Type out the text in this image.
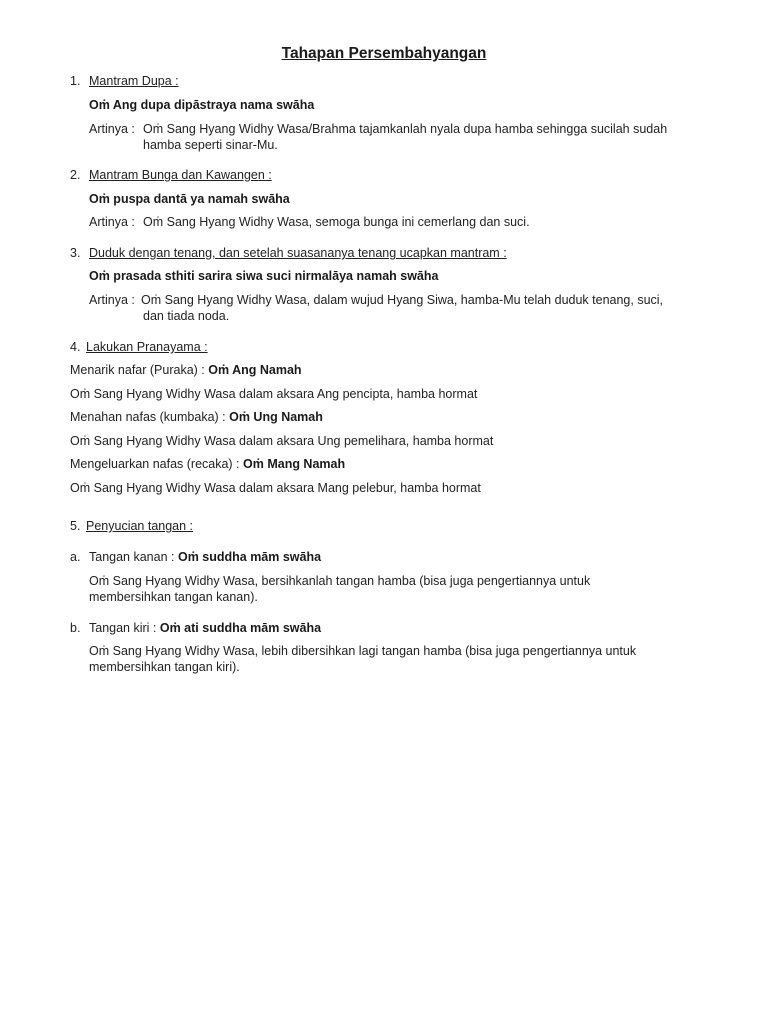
Tahapan Persembahyangan
1. Mantram Dupa :
Oṁ Ang dupa dipāstraya nama swāha
Artinya : Oṁ Sang Hyang Widhy Wasa/Brahma tajamkanlah nyala dupa hamba sehingga sucilah sudah
hamba seperti sinar-Mu.
2. Mantram Bunga dan Kawangen :
Oṁ puspa dantā ya namah swāha
Artinya : Oṁ Sang Hyang Widhy Wasa, semoga bunga ini cemerlang dan suci.
3. Duduk dengan tenang, dan setelah suasananya tenang ucapkan mantram :
Oṁ prasada sthiti sarira siwa suci nirmalāya namah swāha
Artinya : Oṁ Sang Hyang Widhy Wasa, dalam wujud Hyang Siwa, hamba-Mu telah duduk tenang, suci,
dan tiada noda.
4. Lakukan Pranayama :
Menarik nafar (Puraka) : Oṁ Ang Namah
Oṁ Sang Hyang Widhy Wasa dalam aksara Ang pencipta, hamba hormat
Menahan nafas (kumbaka) : Oṁ Ung Namah
Oṁ Sang Hyang Widhy Wasa dalam aksara Ung pemelihara, hamba hormat
Mengeluarkan nafas (recaka) : Oṁ Mang Namah
Oṁ Sang Hyang Widhy Wasa dalam aksara Mang pelebur, hamba hormat
5. Penyucian tangan :
a. Tangan kanan : Oṁ suddha mām swāha
Oṁ Sang Hyang Widhy Wasa, bersihkanlah tangan hamba (bisa juga pengertiannya untuk
membersihkan tangan kanan).
b. Tangan kiri : Oṁ ati suddha mām swāha
Oṁ Sang Hyang Widhy Wasa, lebih dibersihkan lagi tangan hamba (bisa juga pengertiannya untuk
membersihkan tangan kiri).
